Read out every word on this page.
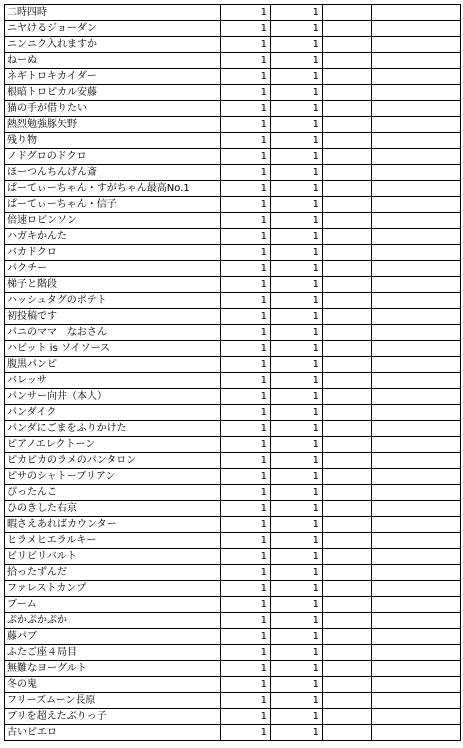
二時四時	1	1		
ニヤけるジョーダン	1	1		
ニンニク入れますか	1	1		
ねーぬ	1	1		
ネギトロキカイダー	1	1		
根暗トロピカル安藤	1	1		
猫の手が借りたい	1	1		
熱烈勉強豚矢野	1	1		
残り物	1	1		
ノドグロのドクロ	1	1		
ほーつんちんげん斎	1	1		
ぱーてぃーちゃん・すがちゃん最高No.1	1	1		
ぱーてぃーちゃん・信子	1	1		
倍速ロビンソン	1	1		
ハガキかんた	1	1		
バカドクロ	1	1		
パクチー	1	1		
梯子と階段	1	1		
ハッシュタグのポテト	1	1		
初投稿です	1	1		
パニのママ　なおさん	1	1		
ハビット is ソイソース	1	1		
腹黒パンピ	1	1		
バレッサ	1	1		
パンサー向井（本人）	1	1		
パンダイク	1	1		
パンダにごまをふりかけた	1	1		
ピアノエレクトーン	1	1		
ピカピカのラメのパンタロン	1	1		
ピサのシャトーブリアン	1	1		
ぴったんこ	1	1		
ひのきした右京	1	1		
暇さえあればカウンター	1	1		
ヒラメヒエラルキー	1	1		
ビリビリバルト	1	1		
拾ったずんだ	1	1		
ファレストカンプ	1	1		
ブーム	1	1		
ぷかぷかぷか	1	1		
藤パブ	1	1		
ふたご座４局目	1	1		
無難なヨーグルト	1	1		
冬の鬼	1	1		
フリーズムーン長原	1	1		
ブリを超えたぶりっ子	1	1		
古いピエロ	1	1		
